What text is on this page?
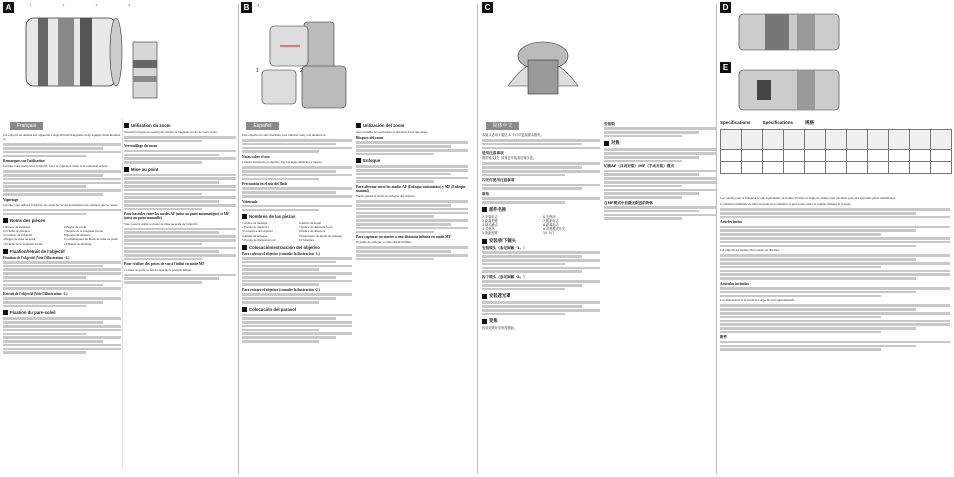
A	1	2	3	4
Français

Cet objectif est destiné aux appareils à objectif interchangeable Sony équipés d'une monture A.

Remarques sur l'utilisation

Lorsque vous transportez l'objectif, fixez le capuchon avant et le capuchon arrière.

Vignetage

Lorsque vous utilisez l'objectif, les coins de l'écran deviennent plus sombres que le centre.

Noms des pièces
1 Repère de montage	6 Bague de zoom
2 Échelle de distance	7 Repère de la longueur focale
3 Contacts de l'objectif	8 Repère de distance
4 Bague de mise au point	9 Commutateur du mode de mise au point
5 Échelle de la longueur focale	10 Bague de montage
Fixation/retrait de l'objectif
Fixation de l'objectif (Voir l'illustration -1.)
Retrait de l'objectif (Voir l'illustration -2.)
Fixation du pare-soleil
Utilisation du zoom

Tournez la bague de zoom pour obtenir la longueur focale de votre choix.

Verrouillage du zoom
Mise au point
Pour basculer entre les modes AF (mise au point automatique) et MF (mise au point manuelle)

Vous pouvez régler le mode de mise au point de l'objectif.

Pour réaliser des prises de vue à l'infini en mode MF

La mise au point se fait au-delà de la position infinie.

B	-1
1	2
Español

Este objetivo ha sido diseñado para cámaras Sony con montura A.

Notas sobre el uso

Cuando transporte el objetivo, fije las tapas delantera y trasera.

Precaución en el uso del flash
Viñeteado
Nombres de las piezas
1 Índice de montaje	6 Anillo de zoom
2 Escala de distancia	7 Índice de distancia focal
3 Contactos del objetivo	8 Índice de distancia
4 Anillo de enfoque	9 Interruptor de modo de enfoque
5 Escala de distancia focal	10 Montura
Colocación/extracción del objetivo
Para colocar el objetivo (consulte la ilustración -1.)
Para extraer el objetivo (consulte la ilustración -2.)
Colocación del parasol
Utilización del zoom

Gire el anillo de zoom hasta la distancia focal que desee.

Bloqueo del zoom
Enfoque
Para alternar entre los modos AF (Enfoque automático) y MF (Enfoque manual)

Puede ajustar el modo de enfoque del objetivo.

Para capturar un motivo a una distancia infinita en modo MF

El punto de enfoque va más allá del infinito.

C
简体中文

本镜头适用于索尼 A 卡口可更换镜头相机。

使用注意事项

携带镜头时，请务必安装前后镜头盖。

闪光灯使用注意事项
暗角
部件名称
1 安装标志	6 变焦环
2 距离刻度	7 焦距标志
3 镜头触点	8 距离标志
4 对焦环	9 对焦模式开关
5 焦距刻度	10 卡口
安装/拆下镜头
安装镜头（参见图解 -1。）
拆下镜头（参见图解 -2。）
安装遮光罩
变焦

转动变焦环至所需焦距。

变焦锁
对焦
切换AF（自动对焦）/MF（手动对焦）模式
在MF模式中拍摄无限远的物体
D
E
Specifications	Spécifications	规格

Les valeurs pour la longueur focale équivalente au format 35 mm et l'angle de champ sont calculées pour des appareils photo numériques.

La distance minimale de mise au point est la distance la plus courte entre le capteur d'image et le sujet.

Articles inclus

Cet objectif est équipé d'un codeur de distance.

Artículos incluidos

Les dimensions et le poids de l'objectif sont approximatifs.

附件
